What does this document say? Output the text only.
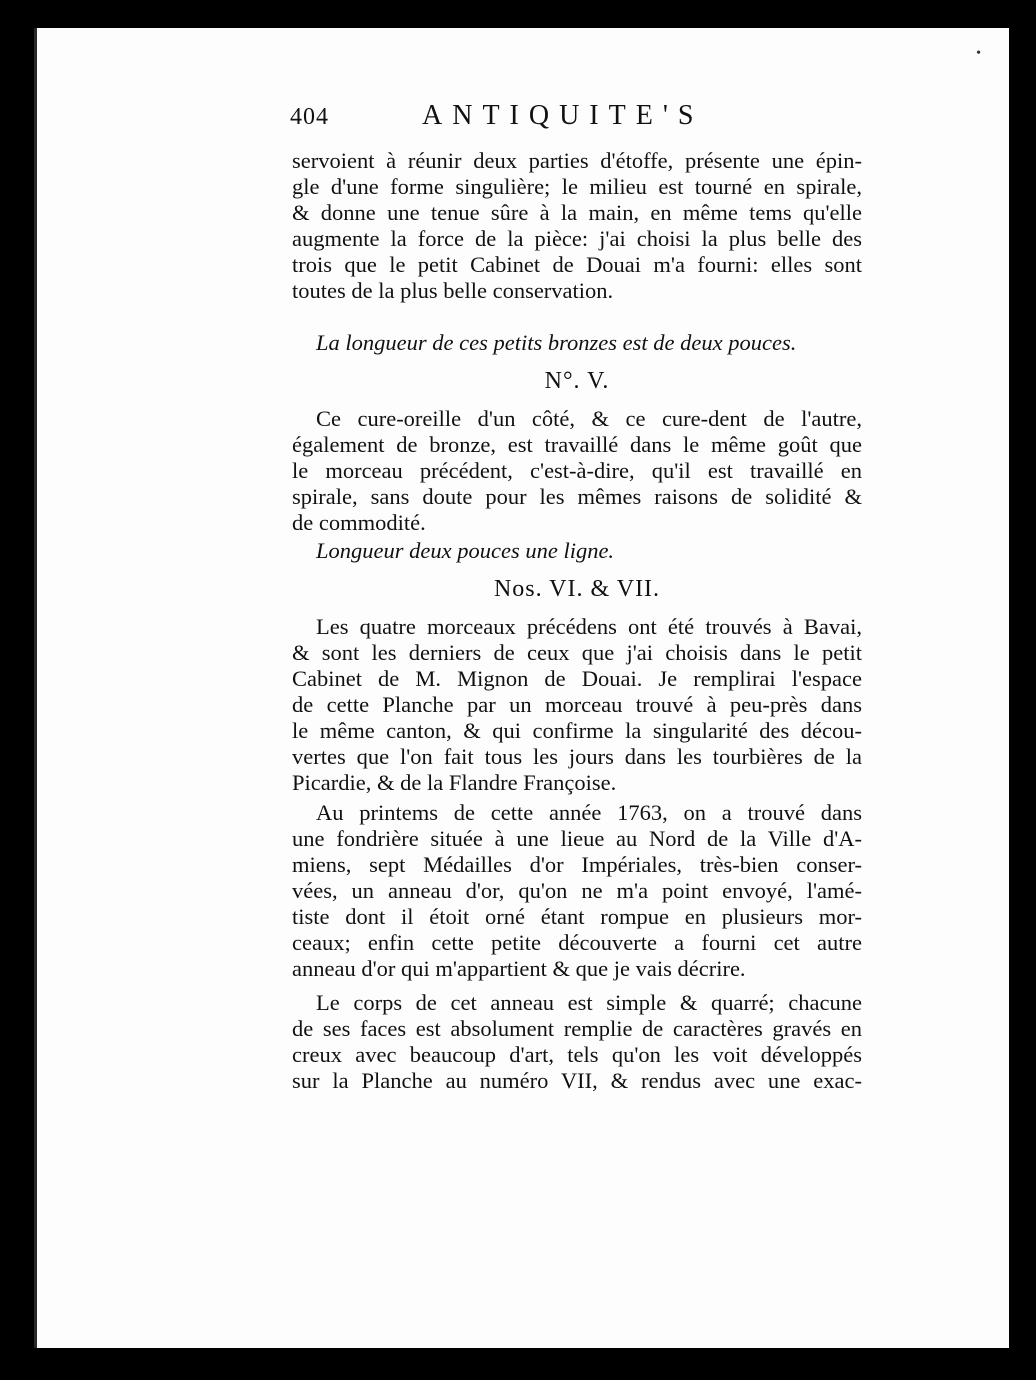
•
404	ANTIQUITE'S
servoient à réunir deux parties d'étoffe, présente une épin-
gle d'une forme singulière; le milieu est tourné en spirale,
& donne une tenue sûre à la main, en même tems qu'elle
augmente la force de la pièce: j'ai choisi la plus belle des
trois que le petit Cabinet de Douai m'a fourni: elles sont
toutes de la plus belle conservation.
La longueur de ces petits bronzes est de deux pouces.
N°. V.
Ce cure-oreille d'un côté, & ce cure-dent de l'autre,
également de bronze, est travaillé dans le même goût que
le morceau précédent, c'est-à-dire, qu'il est travaillé en
spirale, sans doute pour les mêmes raisons de solidité &
de commodité.
Longueur deux pouces une ligne.
Nos. VI. & VII.
Les quatre morceaux précédens ont été trouvés à Bavai,
& sont les derniers de ceux que j'ai choisis dans le petit
Cabinet de M. Mignon de Douai. Je remplirai l'espace
de cette Planche par un morceau trouvé à peu-près dans
le même canton, & qui confirme la singularité des décou-
vertes que l'on fait tous les jours dans les tourbières de la
Picardie, & de la Flandre Françoise.
Au printems de cette année 1763, on a trouvé dans
une fondrière située à une lieue au Nord de la Ville d'A-
miens, sept Médailles d'or Impériales, très-bien conser-
vées, un anneau d'or, qu'on ne m'a point envoyé, l'amé-
tiste dont il étoit orné étant rompue en plusieurs mor-
ceaux; enfin cette petite découverte a fourni cet autre
anneau d'or qui m'appartient & que je vais décrire.
Le corps de cet anneau est simple & quarré; chacune
de ses faces est absolument remplie de caractères gravés en
creux avec beaucoup d'art, tels qu'on les voit développés
sur la Planche au numéro VII, & rendus avec une exac-
